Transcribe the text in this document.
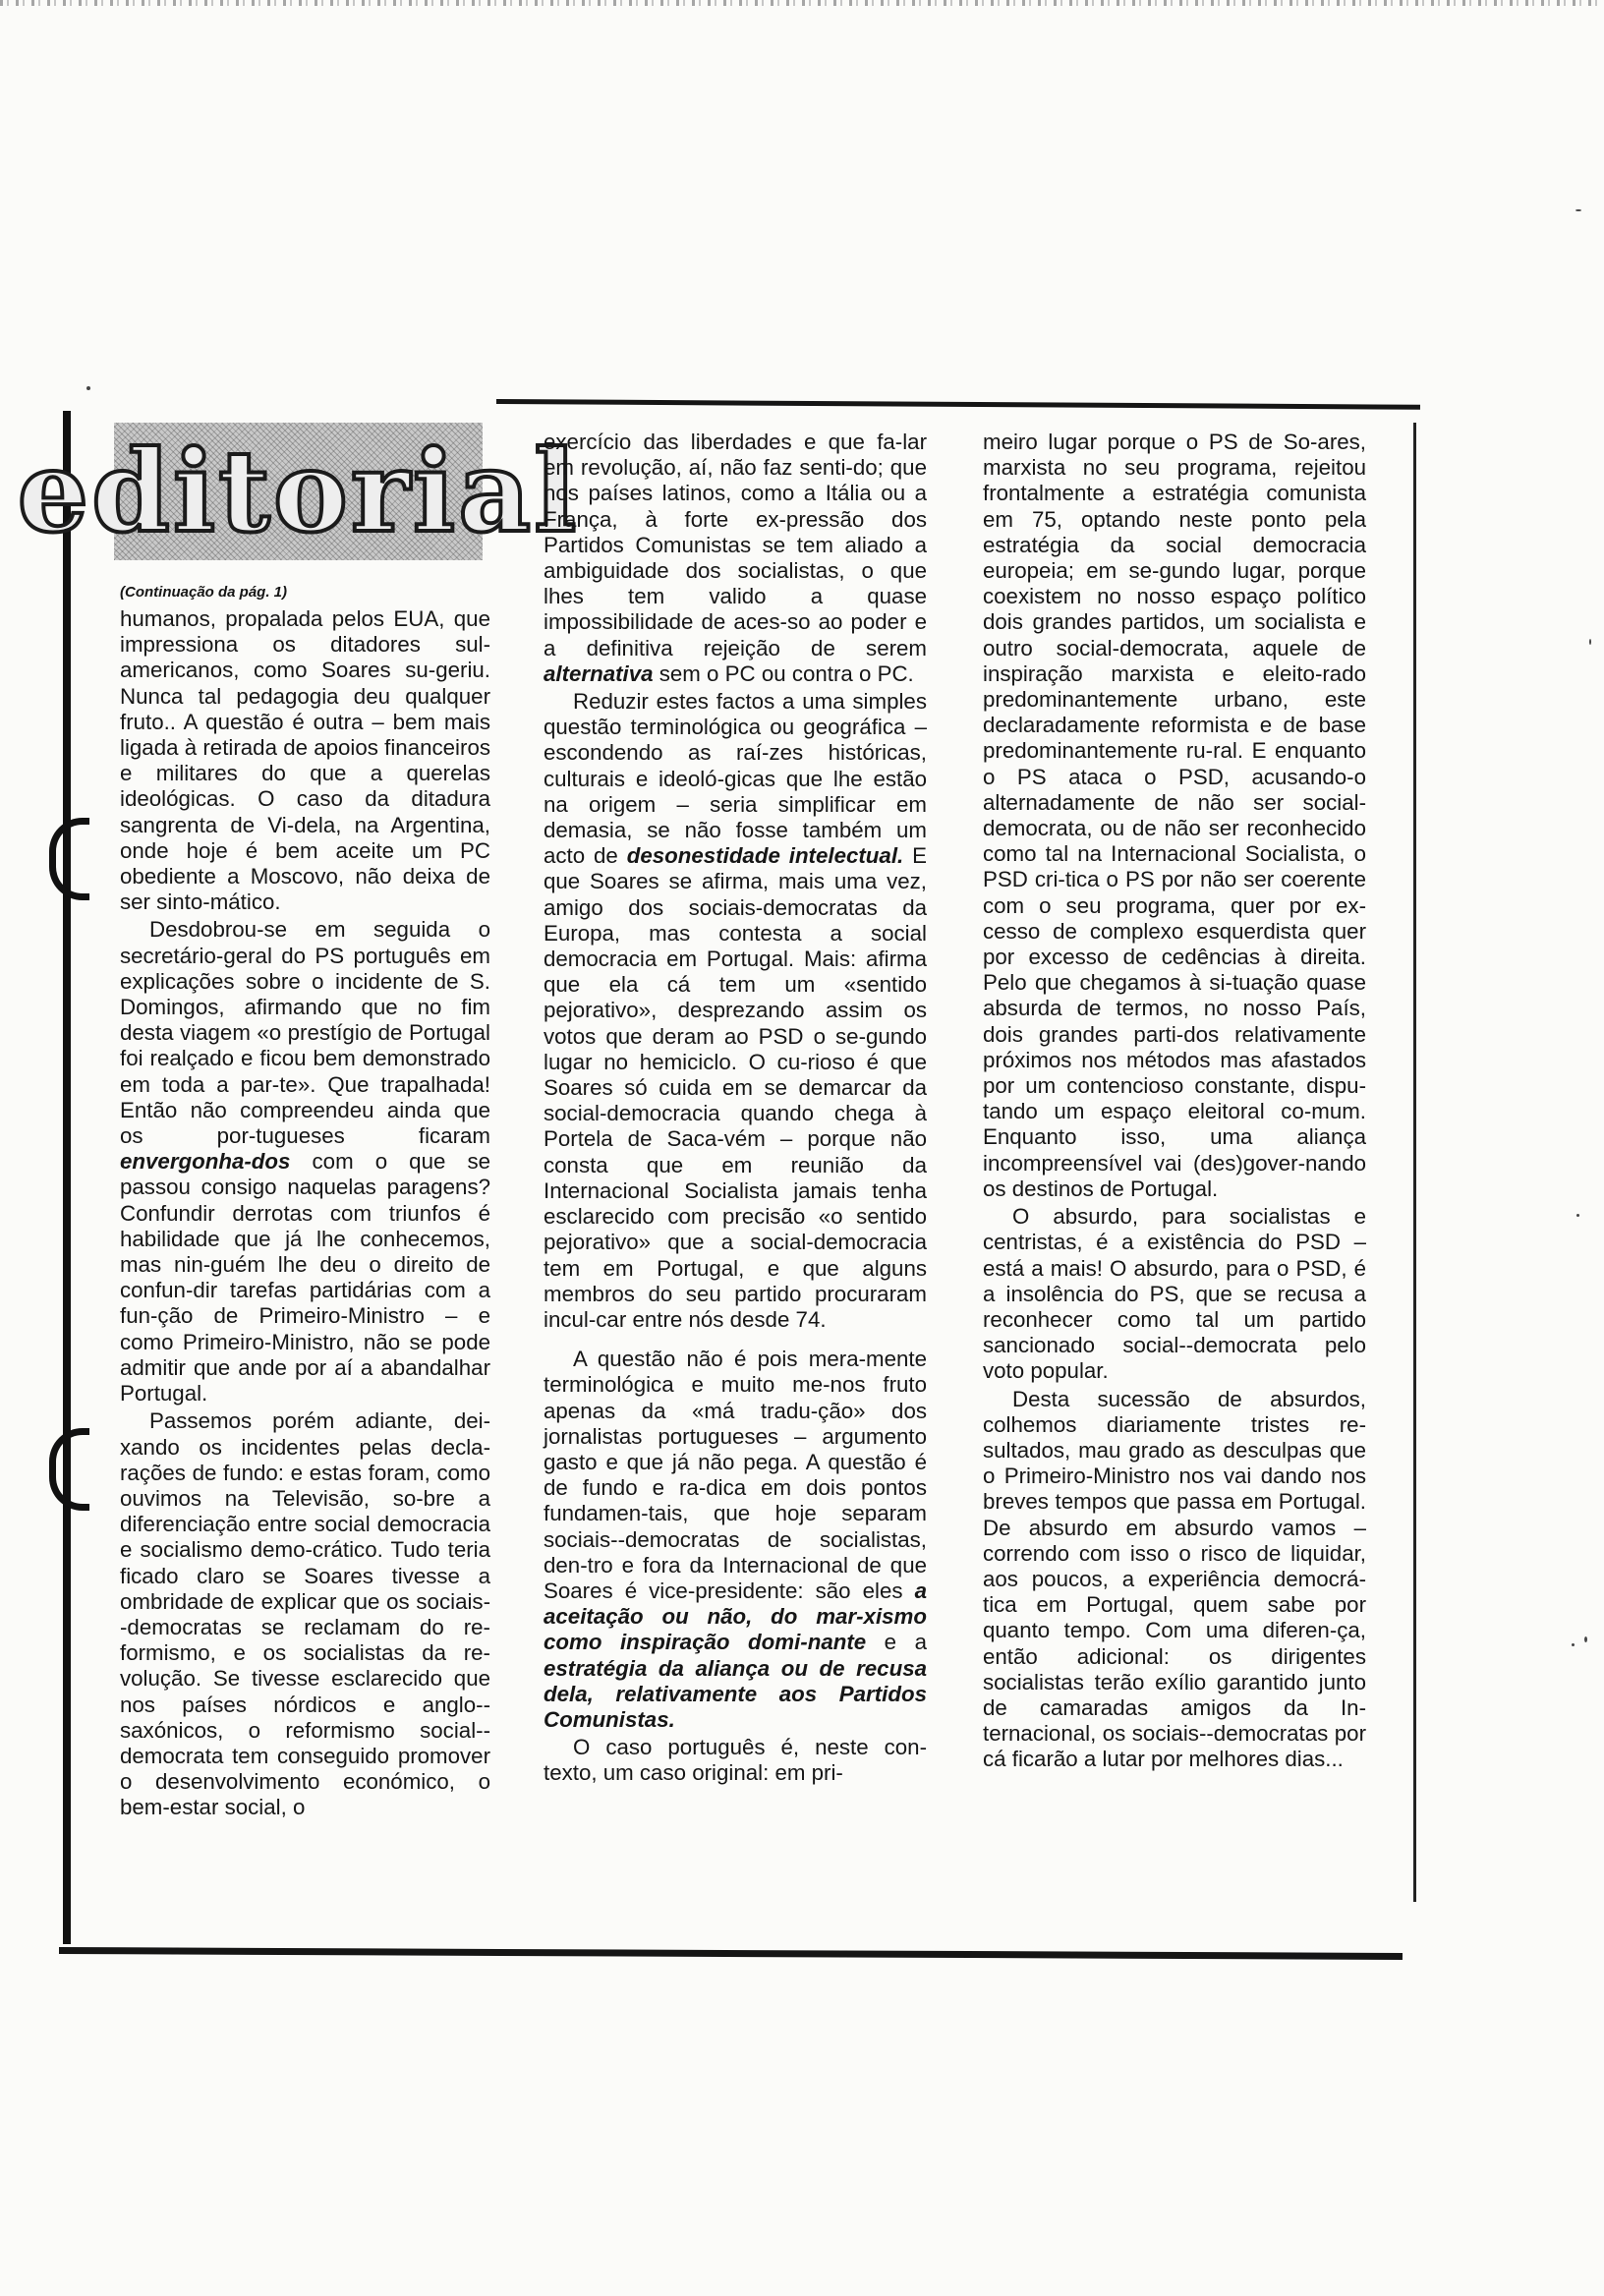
editorial
(Continuação da pág. 1)

humanos, propalada pelos EUA, que impressiona os ditadores sul-americanos, como Soares su-geriu. Nunca tal pedagogia deu qualquer fruto.. A questão é outra – bem mais ligada à retirada de apoios financeiros e militares do que a querelas ideológicas. O caso da ditadura sangrenta de Vi-dela, na Argentina, onde hoje é bem aceite um PC obediente a Moscovo, não deixa de ser sinto-mático.

Desdobrou-se em seguida o secretário-geral do PS português em explicações sobre o incidente de S. Domingos, afirmando que no fim desta viagem «o prestígio de Portugal foi realçado e ficou bem demonstrado em toda a par-te». Que trapalhada! Então não compreendeu ainda que os por-tugueses ficaram envergonha-dos com o que se passou consigo naquelas paragens? Confundir derrotas com triunfos é habilidade que já lhe conhecemos, mas nin-guém lhe deu o direito de confun-dir tarefas partidárias com a fun-ção de Primeiro-Ministro – e como Primeiro-Ministro, não se pode admitir que ande por aí a abandalhar Portugal.

Passemos porém adiante, dei-xando os incidentes pelas decla-rações de fundo: e estas foram, como ouvimos na Televisão, so-bre a diferenciação entre social democracia e socialismo demo-crático. Tudo teria ficado claro se Soares tivesse a ombridade de explicar que os sociais--democratas se reclamam do re-formismo, e os socialistas da re-volução. Se tivesse esclarecido que nos países nórdicos e anglo--saxónicos, o reformismo social--democrata tem conseguido promover o desenvolvimento económico, o bem-estar social, o

exercício das liberdades e que fa-lar em revolução, aí, não faz senti-do; que nos países latinos, como a Itália ou a França, à forte ex-pressão dos Partidos Comunistas se tem aliado a ambiguidade dos socialistas, o que lhes tem valido a quase impossibilidade de aces-so ao poder e a definitiva rejeição de serem alternativa sem o PC ou contra o PC.

Reduzir estes factos a uma simples questão terminológica ou geográfica – escondendo as raí-zes históricas, culturais e ideoló-gicas que lhe estão na origem – seria simplificar em demasia, se não fosse também um acto de desonestidade intelectual. E que Soares se afirma, mais uma vez, amigo dos sociais-democratas da Europa, mas contesta a social democracia em Portugal. Mais: afirma que ela cá tem um «sentido pejorativo», desprezando assim os votos que deram ao PSD o se-gundo lugar no hemiciclo. O cu-rioso é que Soares só cuida em se demarcar da social-democracia quando chega à Portela de Saca-vém – porque não consta que em reunião da Internacional Socialista jamais tenha esclarecido com precisão «o sentido pejorativo» que a social-democracia tem em Portugal, e que alguns membros do seu partido procuraram incul-car entre nós desde 74.

A questão não é pois mera-mente terminológica e muito me-nos fruto apenas da «má tradu-ção» dos jornalistas portugueses – argumento gasto e que já não pega. A questão é de fundo e ra-dica em dois pontos fundamen-tais, que hoje separam sociais--democratas de socialistas, den-tro e fora da Internacional de que Soares é vice-presidente: são eles a aceitação ou não, do mar-xismo como inspiração domi-nante e a estratégia da aliança ou de recusa dela, relativamente aos Partidos Comunistas.

O caso português é, neste con-texto, um caso original: em pri-

meiro lugar porque o PS de So-ares, marxista no seu programa, rejeitou frontalmente a estratégia comunista em 75, optando neste ponto pela estratégia da social democracia europeia; em se-gundo lugar, porque coexistem no nosso espaço político dois grandes partidos, um socialista e outro social-democrata, aquele de inspiração marxista e eleito-rado predominantemente urbano, este declaradamente reformista e de base predominantemente ru-ral. E enquanto o PS ataca o PSD, acusando-o alternadamente de não ser social-democrata, ou de não ser reconhecido como tal na Internacional Socialista, o PSD cri-tica o PS por não ser coerente com o seu programa, quer por ex-cesso de complexo esquerdista quer por excesso de cedências à direita. Pelo que chegamos à si-tuação quase absurda de termos, no nosso País, dois grandes parti-dos relativamente próximos nos métodos mas afastados por um contencioso constante, dispu-tando um espaço eleitoral co-mum. Enquanto isso, uma aliança incompreensível vai (des)gover-nando os destinos de Portugal.

O absurdo, para socialistas e centristas, é a existência do PSD – está a mais! O absurdo, para o PSD, é a insolência do PS, que se recusa a reconhecer como tal um partido sancionado social--democrata pelo voto popular.

Desta sucessão de absurdos, colhemos diariamente tristes re-sultados, mau grado as desculpas que o Primeiro-Ministro nos vai dando nos breves tempos que passa em Portugal. De absurdo em absurdo vamos – correndo com isso o risco de liquidar, aos poucos, a experiência democrá-tica em Portugal, quem sabe por quanto tempo. Com uma diferen-ça, então adicional: os dirigentes socialistas terão exílio garantido junto de camaradas amigos da In-ternacional, os sociais--democratas por cá ficarão a lutar por melhores dias...
